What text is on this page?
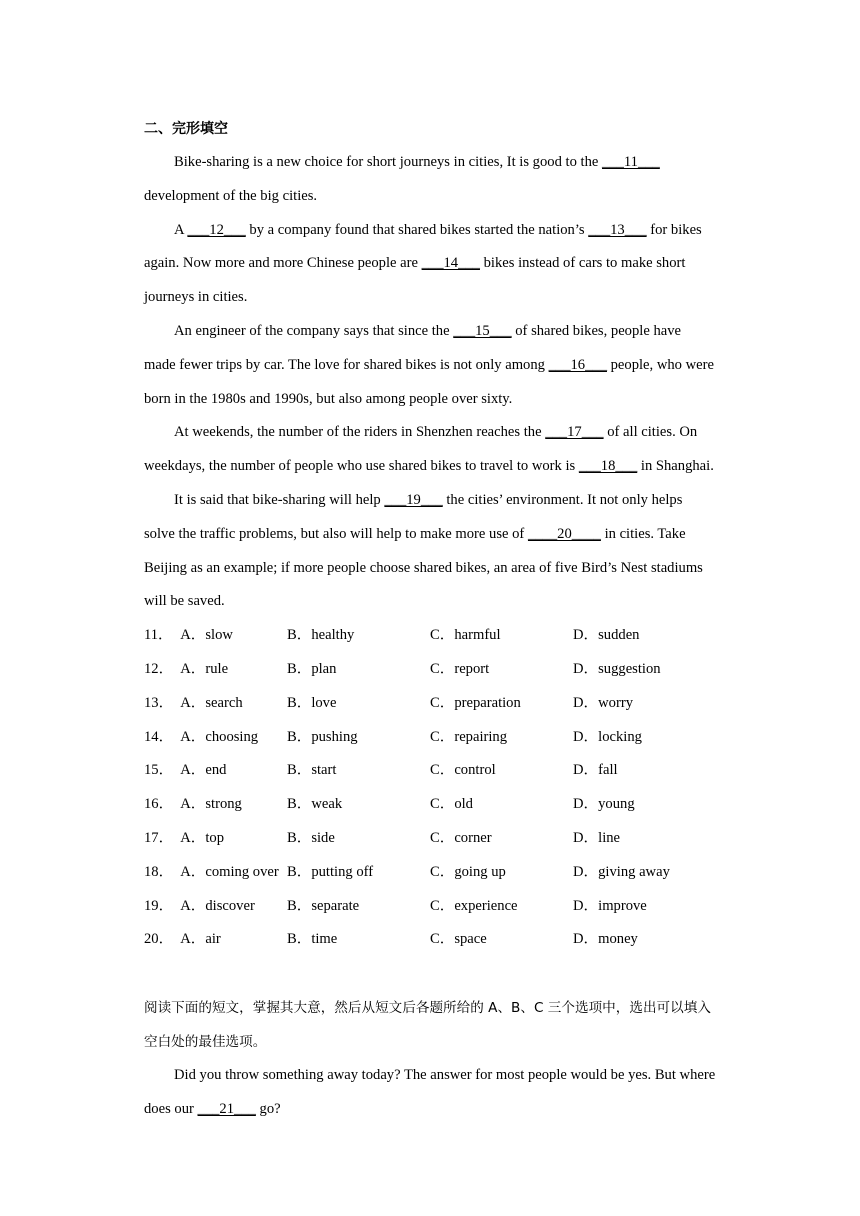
二、完形填空

Bike-sharing is a new choice for short journeys in cities, It is good to the ___11___ development of the big cities.

A ___12___ by a company found that shared bikes started the nation’s ___13___ for bikes again. Now more and more Chinese people are ___14___ bikes instead of cars to make short journeys in cities.

An engineer of the company says that since the ___15___ of shared bikes, people have made fewer trips by car. The love for shared bikes is not only among ___16___ people, who were born in the 1980s and 1990s, but also among people over sixty.

At weekends, the number of the riders in Shenzhen reaches the ___17___ of all cities. On weekdays, the number of people who use shared bikes to travel to work is ___18___ in Shanghai.

It is said that bike-sharing will help ___19___ the cities’ environment. It not only helps solve the traffic problems, but also will help to make more use of ____20____ in cities. Take Beijing as an example; if more people choose shared bikes, an area of five Bird’s Nest stadiums will be saved.

11． A．slow	B．healthy	C．harmful	D．sudden
12． A．rule	B．plan	C．report	D．suggestion
13． A．search	B．love	C．preparation	D．worry
14． A．choosing	B．pushing	C．repairing	D．locking
15． A．end	B．start	C．control	D．fall
16． A．strong	B．weak	C．old	D．young
17． A．top	B．side	C．corner	D．line
18． A．coming over B．putting off	C．going up	D．giving away
19． A．discover	B．separate	C．experience	D．improve
20． A．air	B．time	C．space	D．money

阅读下面的短文，掌握其大意，然后从短文后各题所给的 A、B、C 三个选项中，选出可以填入空白处的最佳选项。

Did you throw something away today? The answer for most people would be yes. But where does our ___21___ go?
